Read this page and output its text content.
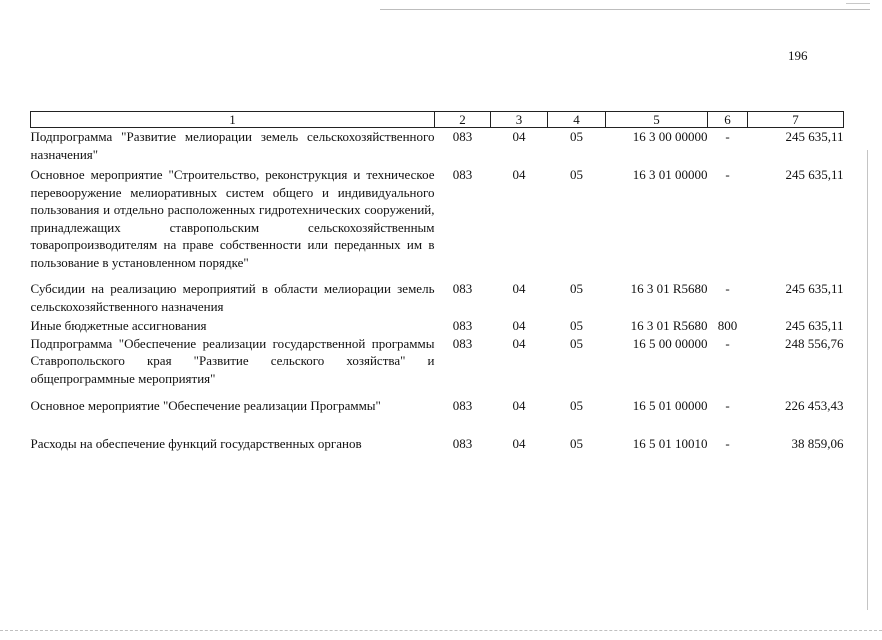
196
1	2	3	4	5	6	7
Подпрограмма "Развитие мелиорации земель сельскохозяйственного назначения"	083	04	05	16 3 00 00000	-	245 635,11
Основное мероприятие "Строительство, реконструкция и техническое перевооружение мелиоративных систем общего и индивидуального пользования и отдельно расположенных гидротехнических сооружений, принадлежащих ставропольским сельскохозяйственным товаропроизводителям на праве собственности или переданных им в пользование в установленном порядке"	083	04	05	16 3 01 00000	-	245 635,11
Субсидии на реализацию мероприятий в области мелиорации земель сельскохозяйственного назначения	083	04	05	16 3 01 R5680	-	245 635,11
Иные бюджетные ассигнования	083	04	05	16 3 01 R5680	800	245 635,11
Подпрограмма "Обеспечение реализации государственной программы Ставропольского края "Развитие сельского хозяйства" и общепрограммные мероприятия"	083	04	05	16 5 00 00000	-	248 556,76
Основное мероприятие "Обеспечение реализации Программы"	083	04	05	16 5 01 00000	-	226 453,43
Расходы на обеспечение функций государственных органов	083	04	05	16 5 01 10010	-	38 859,06
